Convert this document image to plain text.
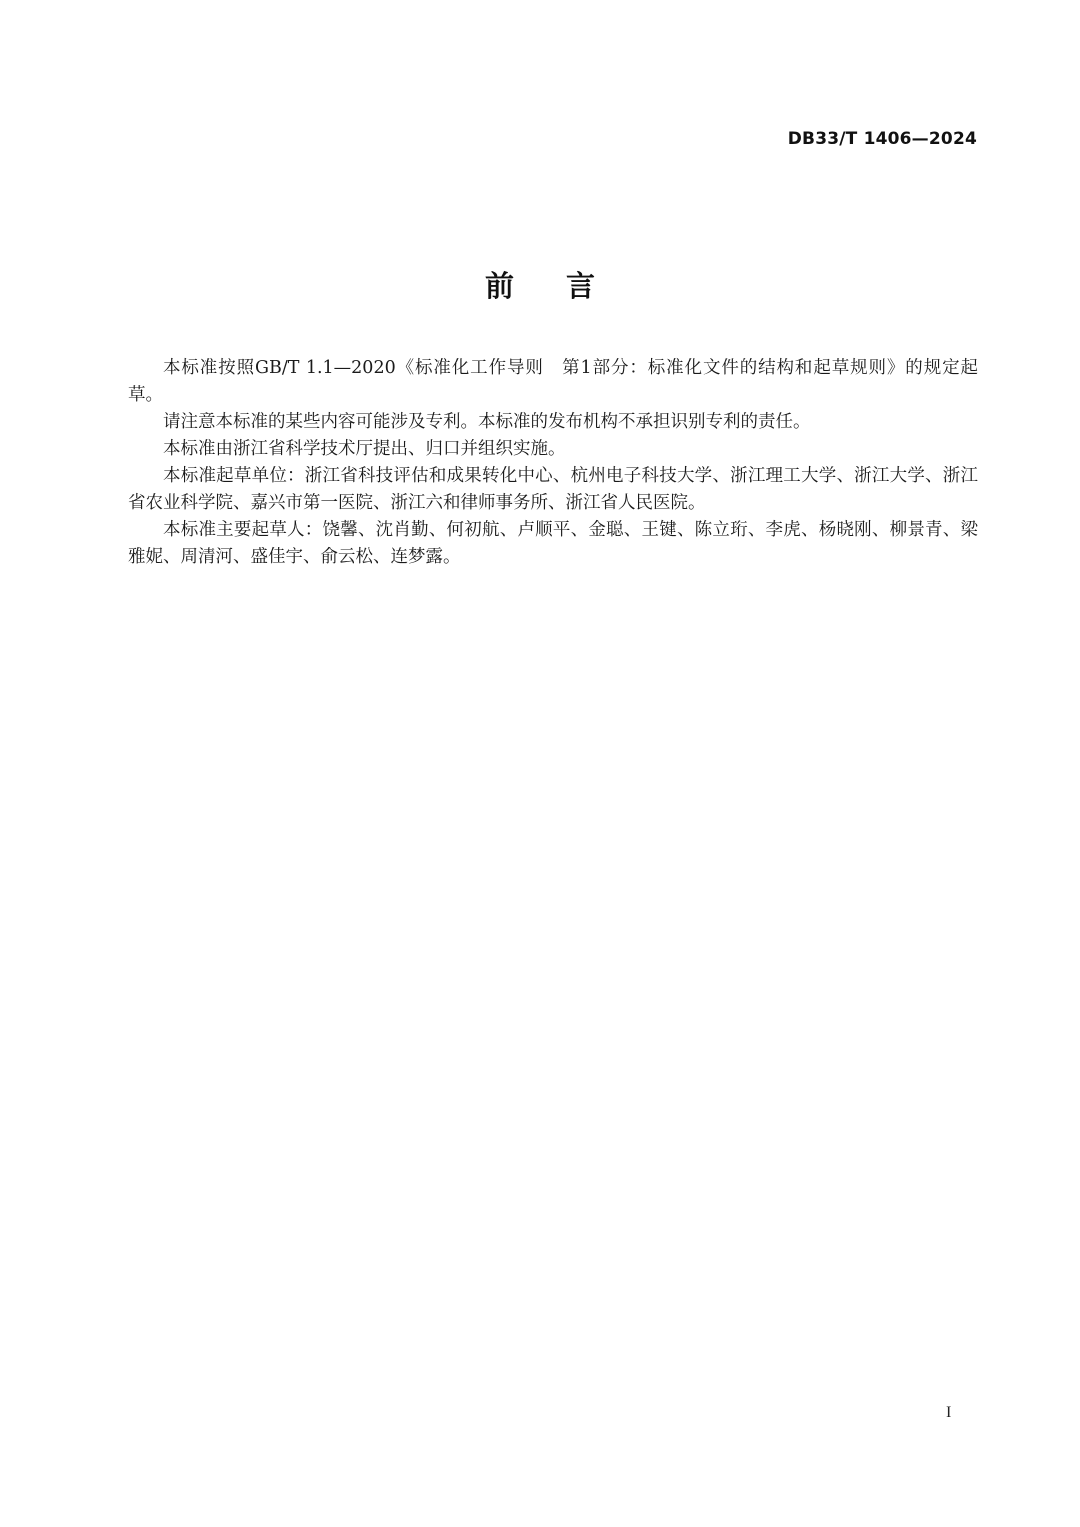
DB33/T 1406—2024
前言

本标准按照GB/T 1.1—2020《标准化工作导则　第1部分：标准化文件的结构和起草规则》的规定起草。

请注意本标准的某些内容可能涉及专利。本标准的发布机构不承担识别专利的责任。

本标准由浙江省科学技术厅提出、归口并组织实施。

本标准起草单位：浙江省科技评估和成果转化中心、杭州电子科技大学、浙江理工大学、浙江大学、浙江省农业科学院、嘉兴市第一医院、浙江六和律师事务所、浙江省人民医院。

本标准主要起草人：饶馨、沈肖勤、何初航、卢顺平、金聪、王键、陈立珩、李虎、杨晓刚、柳景青、梁雅妮、周清河、盛佳宇、俞云松、连梦露。

I
